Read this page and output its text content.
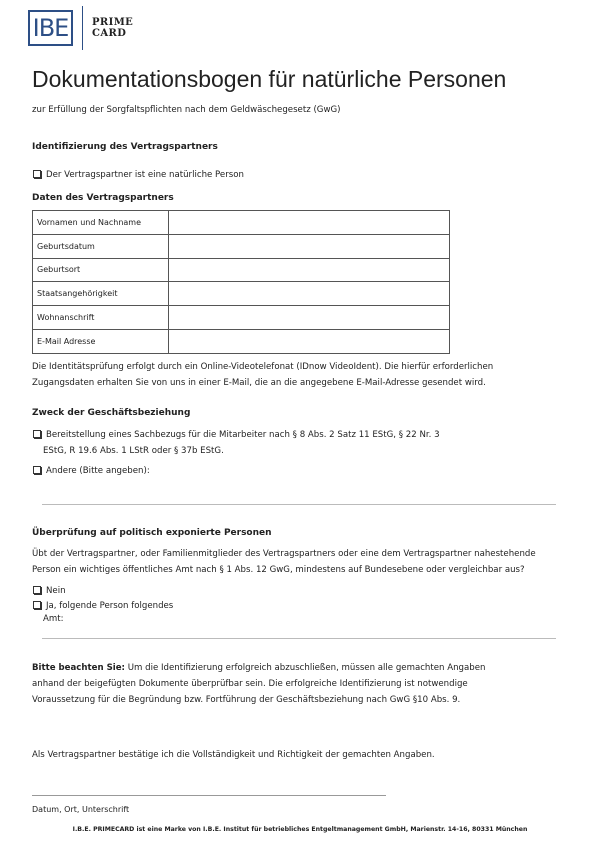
IBE	PRIME
CARD
Dokumentationsbogen für natürliche Personen
zur Erfüllung der Sorgfaltspflichten nach dem Geldwäschegesetz (GwG)
Identifizierung des Vertragspartners
Der Vertragspartner ist eine natürliche Person
Daten des Vertragspartners
Vornamen und Nachname	
Geburtsdatum	
Geburtsort	
Staatsangehörigkeit	
Wohnanschrift	
E-Mail Adresse	
Die Identitätsprüfung erfolgt durch ein Online-Videotelefonat (IDnow VideoIdent). Die hierfür erforderlichen
Zugangsdaten erhalten Sie von uns in einer E-Mail, die an die angegebene E-Mail-Adresse gesendet wird.
Zweck der Geschäftsbeziehung
Bereitstellung eines Sachbezugs für die Mitarbeiter nach § 8 Abs. 2 Satz 11 EStG, § 22 Nr. 3
EStG, R 19.6 Abs. 1 LStR oder § 37b EStG.
Andere (Bitte angeben):
Überprüfung auf politisch exponierte Personen
Übt der Vertragspartner, oder Familienmitglieder des Vertragspartners oder eine dem Vertragspartner nahestehende
Person ein wichtiges öffentliches Amt nach § 1 Abs. 12 GwG, mindestens auf Bundesebene oder vergleichbar aus?
Nein
Ja, folgende Person folgendes
Amt:
Bitte beachten Sie: Um die Identifizierung erfolgreich abzuschließen, müssen alle gemachten Angaben
anhand der beigefügten Dokumente überprüfbar sein. Die erfolgreiche Identifizierung ist notwendige
Voraussetzung für die Begründung bzw. Fortführung der Geschäftsbeziehung nach GwG §10 Abs. 9.
Als Vertragspartner bestätige ich die Vollständigkeit und Richtigkeit der gemachten Angaben.
Datum, Ort, Unterschrift
I.B.E. PRIMECARD ist eine Marke von I.B.E. Institut für betriebliches Entgeltmanagement GmbH, Marienstr. 14-16, 80331 München
